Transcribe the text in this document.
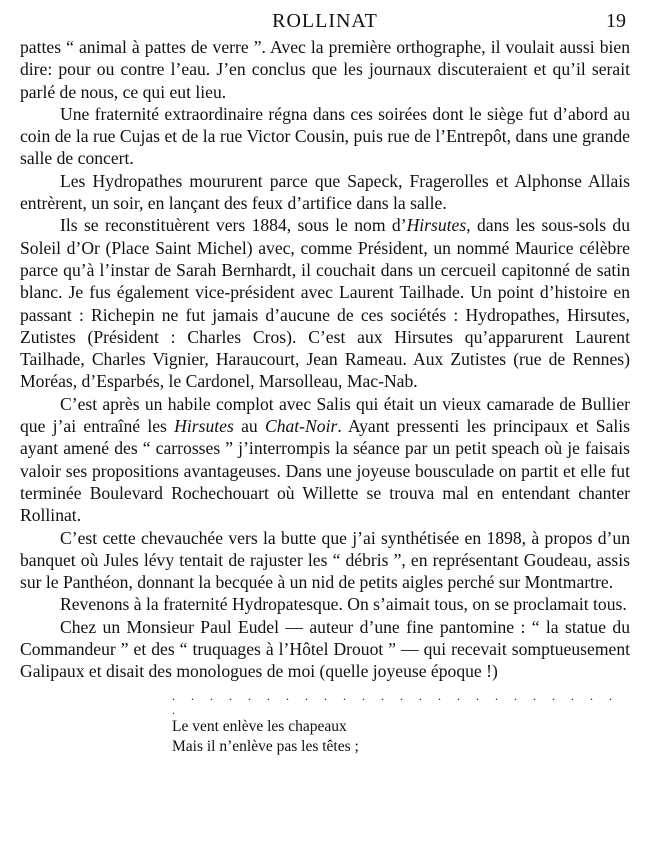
ROLLINAT	19

pattes “ animal à pattes de verre ”. Avec la première orthographe, il voulait aussi bien dire: pour ou contre l’eau. J’en conclus que les journaux discuteraient et qu’il serait parlé de nous, ce qui eut lieu.

Une fraternité extraordinaire régna dans ces soirées dont le siège fut d’abord au coin de la rue Cujas et de la rue Victor Cousin, puis rue de l’Entrepôt, dans une grande salle de concert.

Les Hydropathes moururent parce que Sapeck, Fragerolles et Alphonse Allais entrèrent, un soir, en lançant des feux d’artifice dans la salle.

Ils se reconstituèrent vers 1884, sous le nom d’Hirsutes, dans les sous-sols du Soleil d’Or (Place Saint Michel) avec, comme Président, un nommé Maurice célèbre parce qu’à l’instar de Sarah Bernhardt, il couchait dans un cercueil capitonné de satin blanc. Je fus également vice-président avec Laurent Tailhade. Un point d’histoire en passant : Richepin ne fut jamais d’aucune de ces sociétés : Hydropathes, Hirsutes, Zutistes (Président : Charles Cros). C’est aux Hirsutes qu’apparurent Laurent Tailhade, Charles Vignier, Haraucourt, Jean Rameau. Aux Zutistes (rue de Rennes) Moréas, d’Esparbés, le Cardonel, Marsolleau, Mac-Nab.

C’est après un habile complot avec Salis qui était un vieux camarade de Bullier que j’ai entraîné les Hirsutes au Chat-Noir. Ayant pressenti les principaux et Salis ayant amené des “ carrosses ” j’interrompis la séance par un petit speach où je faisais valoir ses propositions avantageuses. Dans une joyeuse bousculade on partit et elle fut terminée Boulevard Rochechouart où Willette se trouva mal en entendant chanter Rollinat.

C’est cette chevauchée vers la butte que j’ai synthétisée en 1898, à propos d’un banquet où Jules lévy tentait de rajuster les “ débris ”, en représentant Goudeau, assis sur le Panthéon, donnant la becquée à un nid de petits aigles perché sur Montmartre.

Revenons à la fraternité Hydropatesque. On s’aimait tous, on se proclamait tous.

Chez un Monsieur Paul Eudel — auteur d’une fine pantomine : “ la statue du Commandeur ” et des “ truquages à l’Hôtel Drouot ” — qui recevait somptueusement Galipaux et disait des monologues de moi (quelle joyeuse époque !)

. . . . . . . . . . . . . . . . . . . . . . . . .
Le vent enlève les chapeaux
Mais il n’enlève pas les têtes ;
